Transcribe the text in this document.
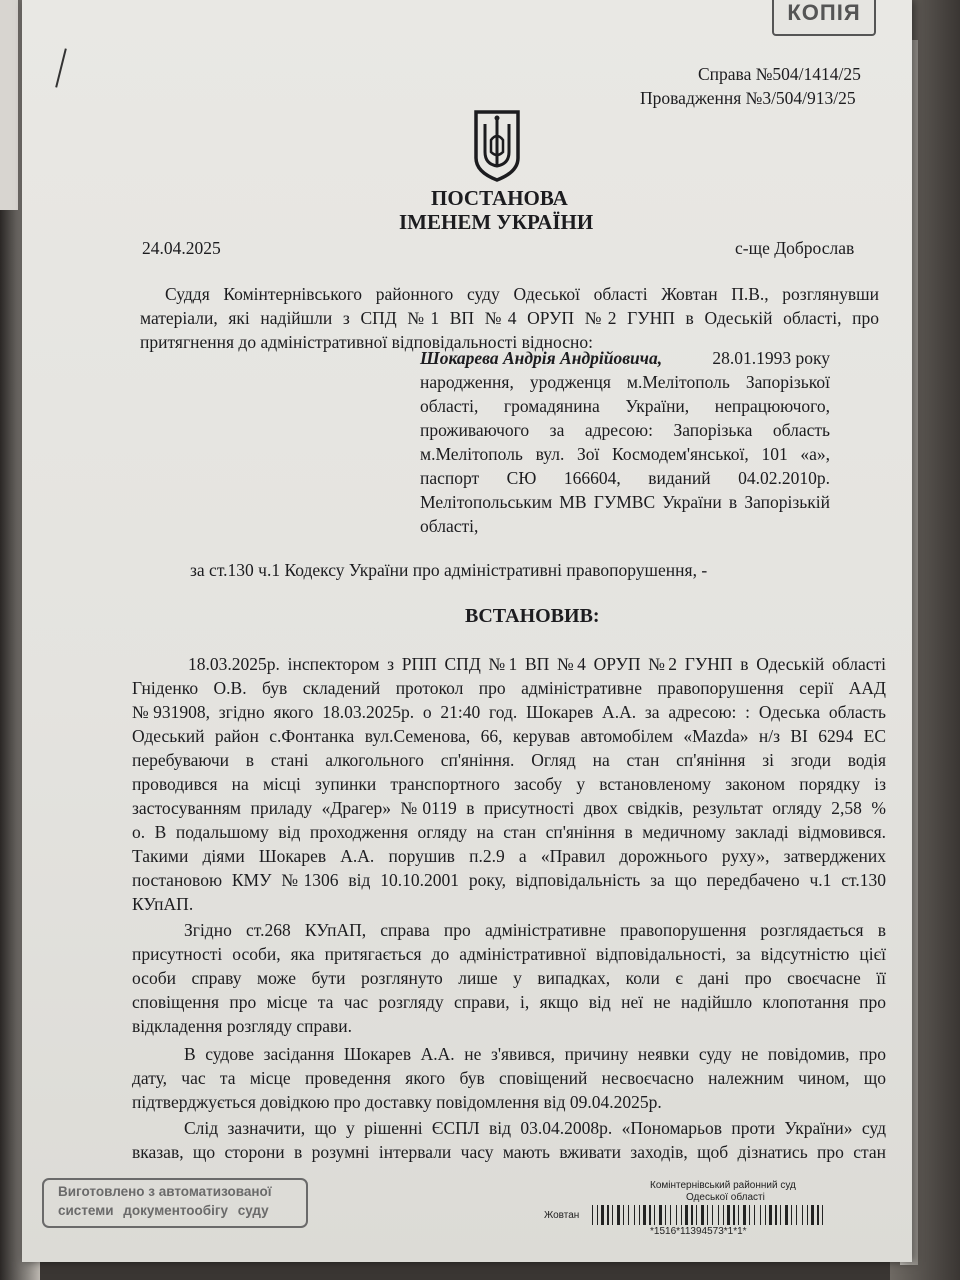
КОПІЯ
Справа №504/1414/25
Провадження №3/504/913/25
ПОСТАНОВА
ІМЕНЕМ УКРАЇНИ
24.04.2025	с-ще Доброслав
Суддя Комінтернівського районного суду Одеської області Жовтан П.В., розглянувши
матеріали, які надійшли з СПД №1 ВП №4 ОРУП №2 ГУНП в Одеській області, про
притягнення до адміністративної відповідальності відносно:
Шокарева Андрія Андрійовича,	28.01.1993 року
народження, уродженця м.Мелітополь Запорізької
області, громадянина України, непрацюючого,
проживаючого за адресою: Запорізька область
м.Мелітополь вул. Зої Космодем'янської, 101 «а»,
паспорт СЮ 166604, виданий 04.02.2010р.
Мелітопольським МВ ГУМВС України в Запорізькій
області,
за ст.130 ч.1 Кодексу України про адміністративні правопорушення, -
ВСТАНОВИВ:
18.03.2025р. інспектором з РПП СПД №1 ВП №4 ОРУП №2 ГУНП в Одеській області
Гніденко О.В. був складений протокол про адміністративне правопорушення серії ААД
№931908, згідно якого 18.03.2025р. о 21:40 год. Шокарев А.А. за адресою: : Одеська область
Одеський район с.Фонтанка вул.Семенова, 66, керував автомобілем «Mazda» н/з ВІ 6294 ЕС
перебуваючи в стані алкогольного сп'яніння. Огляд на стан сп'яніння зі згоди водія
проводився на місці зупинки транспортного засобу у встановленому законом порядку із
застосуванням приладу «Драгер» №0119 в присутності двох свідків, результат огляду 2,58 %
о. В подальшому від проходження огляду на стан сп'яніння в медичному закладі відмовився.
Такими діями Шокарев А.А. порушив п.2.9 а «Правил дорожнього руху», затверджених
постановою КМУ №1306 від 10.10.2001 року, відповідальність за що передбачено ч.1 ст.130
КУпАП.
Згідно ст.268 КУпАП, справа про адміністративне правопорушення розглядається в
присутності особи, яка притягається до адміністративної відповідальності, за відсутністю цієї
особи справу може бути розглянуто лише у випадках, коли є дані про своєчасне її
сповіщення про місце та час розгляду справи, і, якщо від неї не надійшло клопотання про
відкладення розгляду справи.
В судове засідання Шокарев А.А. не з'явився, причину неявки суду не повідомив, про
дату, час та місце проведення якого був сповіщений несвоєчасно належним чином, що
підтверджується довідкою про доставку повідомлення від 09.04.2025р.
Слід зазначити, що у рішенні ЄСПЛ від 03.04.2008р. «Пономарьов проти України» суд
вказав, що сторони в розумні інтервали часу мають вживати заходів, щоб дізнатись про стан
Виготовлено з автоматизованої
системи документообігу суду
Комінтернівський районний суд
Одеської області
Жовтан
*1516*11394573*1*1*
